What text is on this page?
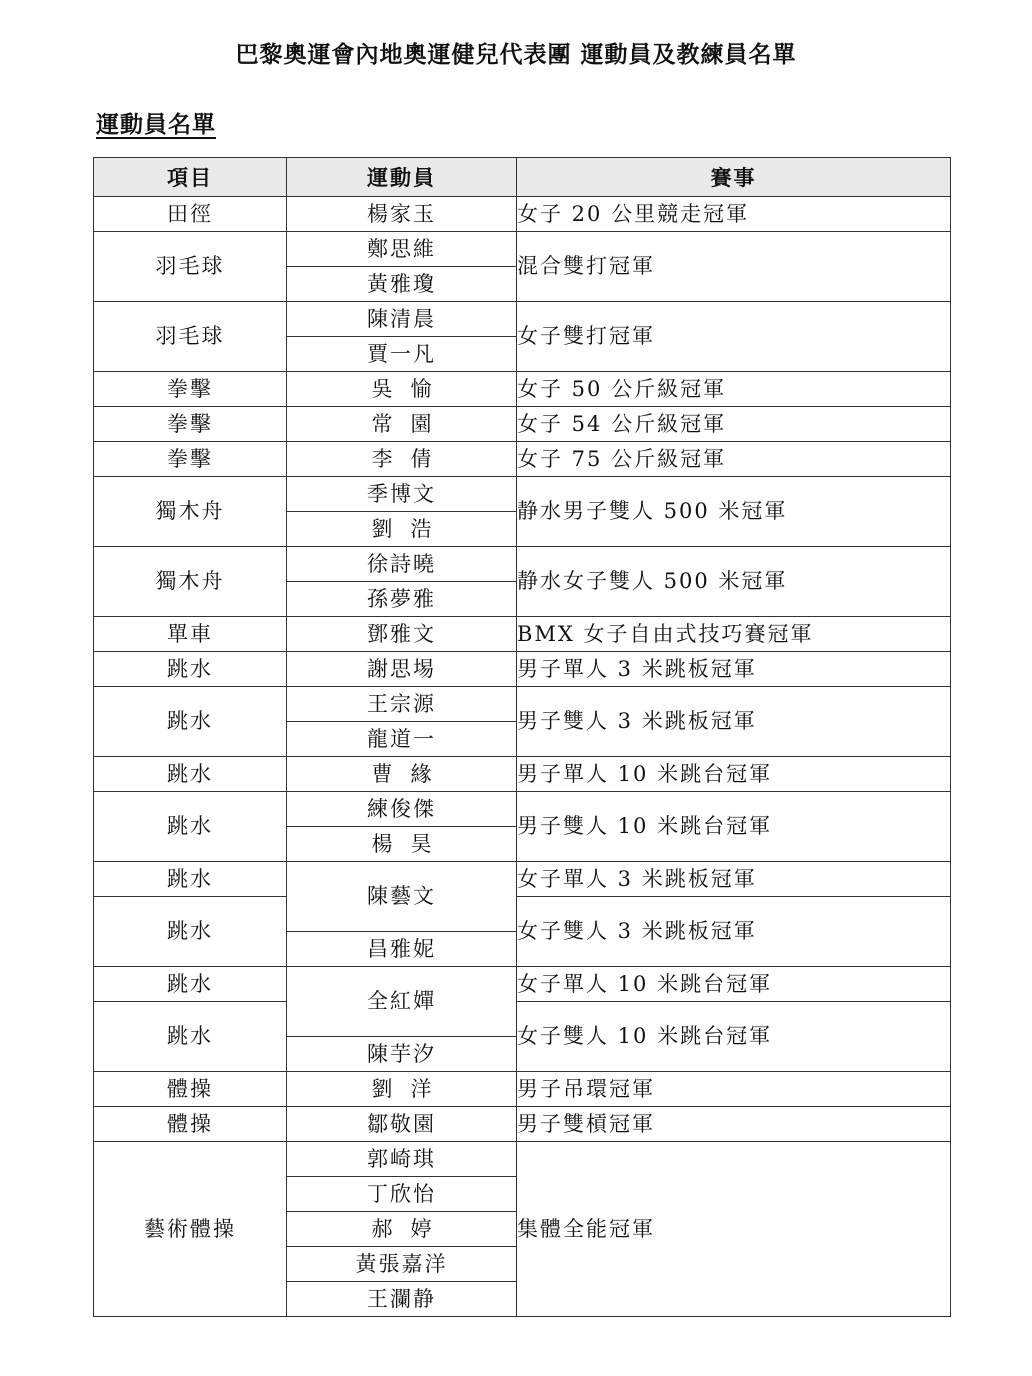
巴黎奧運會內地奧運健兒代表團 運動員及教練員名單
運動員名單
項目	運動員	賽事
田徑	楊家玉	女子 20 公里競走冠軍
羽毛球	鄭思維	混合雙打冠軍
	黃雅瓊	
羽毛球	陳清晨	女子雙打冠軍
	賈一凡	
拳擊	吳愉	女子 50 公斤級冠軍
拳擊	常園	女子 54 公斤級冠軍
拳擊	李倩	女子 75 公斤級冠軍
獨木舟	季博文	静水男子雙人 500 米冠軍
	劉浩	
獨木舟	徐詩曉	静水女子雙人 500 米冠軍
	孫夢雅	
單車	鄧雅文	BMX 女子自由式技巧賽冠軍
跳水	謝思埸	男子單人 3 米跳板冠軍
跳水	王宗源	男子雙人 3 米跳板冠軍
	龍道一	
跳水	曹緣	男子單人 10 米跳台冠軍
跳水	練俊傑	男子雙人 10 米跳台冠軍
	楊昊	
跳水	陳藝文	女子單人 3 米跳板冠軍
跳水		女子雙人 3 米跳板冠軍
	昌雅妮	
跳水	全紅嬋	女子單人 10 米跳台冠軍
跳水		女子雙人 10 米跳台冠軍
	陳芋汐	
體操	劉洋	男子吊環冠軍
體操	鄒敬園	男子雙槓冠軍
藝術體操	郭崎琪	集體全能冠軍
	丁欣怡	
	郝婷	
	黃張嘉洋	
	王瀾静	
